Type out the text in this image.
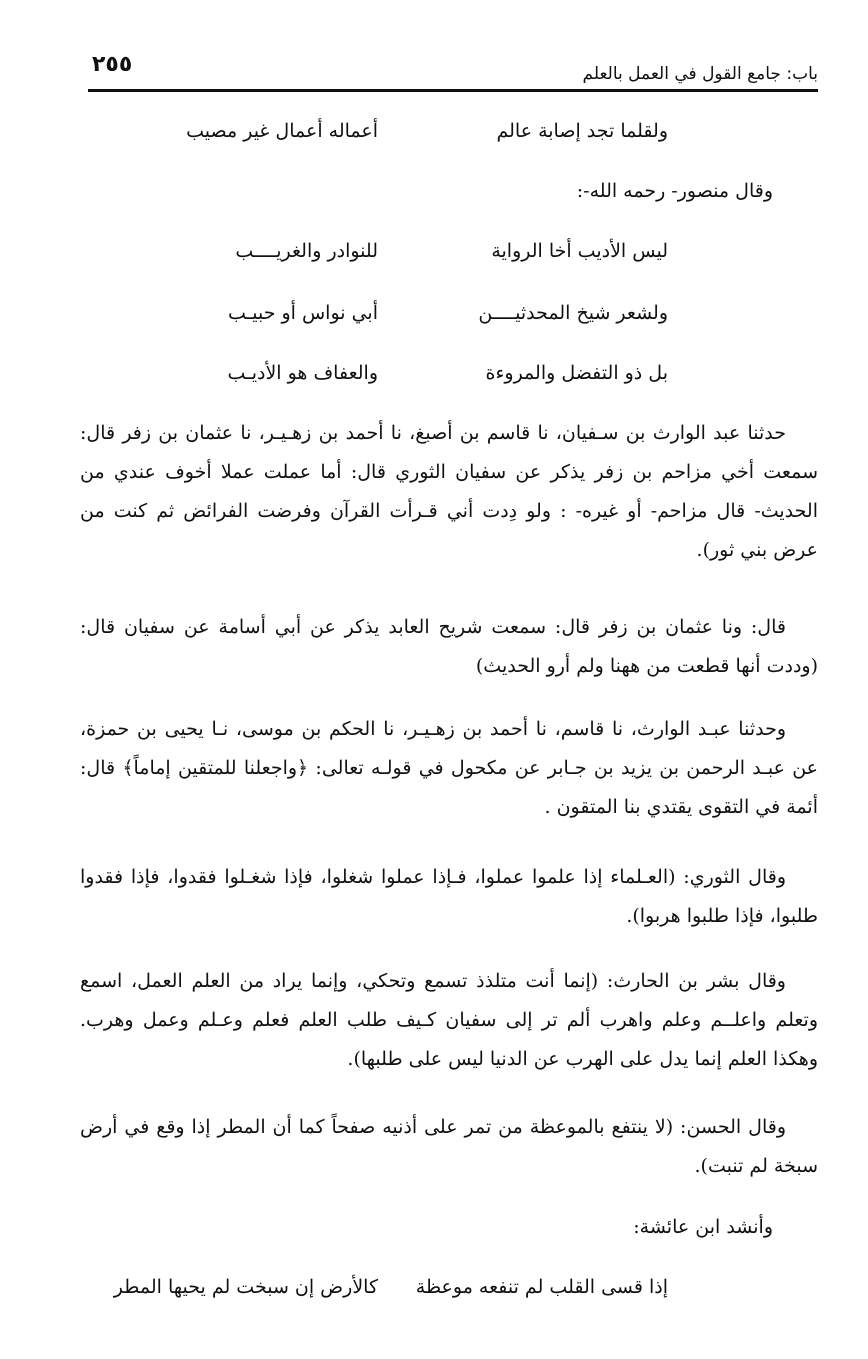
باب: جامع القول في العمل بالعلم
٢٥٥
ولقلما تجد إصابة عالم
أعماله أعمال غير مصيب
وقال منصور- رحمه الله-:
ليس الأديب أخا الرواية
للنوادر والغريــــب
ولشعر شيخ المحدثيــــن
أبي نواس أو حبيـب
بل ذو التفضل والمروءة
والعفاف هو الأديـب
حدثنا عبد الوارث بن سـفيان، نا قاسم بن أصبغ، نا أحمد بن زهـيـر، نا عثمان بن زفر قال: سمعت أخي مزاحم بن زفر يذكر عن سفيان الثوري قال: أما عملت عملا أخوف عندي من الحديث- قال مزاحم- أو غيره- : ولو دِدت أني قـرأت القرآن وفرضت الفرائض ثم كنت من عرض بني ثور).
قال: ونا عثمان بن زفر قال: سمعت شريح العابد يذكر عن أبي أسامة عن سفيان قال: (وددت أنها قطعت من ههنا ولم أرو الحديث)
وحدثنا عبـد الوارث، نا قاسم، نا أحمد بن زهـيـر، نا الحكم بن موسى، نـا يحيى بن حمزة، عن عبـد الرحمن بن يزيد بن جـابر عن مكحول في قولـه تعالى: ﴿واجعلنا للمتقين إماماً﴾ قال: أئمة في التقوى يقتدي بنا المتقون .
وقال الثوري: (العـلماء إذا علموا عملوا، فـإذا عملوا شغلوا، فإذا شغـلوا فقدوا، فإذا فقدوا طلبوا، فإذا طلبوا هربوا).
وقال بشر بن الحارث: (إنما أنت متلذذ تسمع وتحكي، وإنما يراد من العلم العمل، اسمع وتعلم واعلــم وعلم واهرب ألم تر إلى سفيان كـيف طلب العلم فعلم وعـلم وعمل وهرب. وهكذا العلم إنما يدل على الهرب عن الدنيا ليس على طلبها).
وقال الحسن: (لا ينتفع بالموعظة من تمر على أذنيه صفحاً كما أن المطر إذا وقع في أرض سبخة لم تنبت).
وأنشد ابن عائشة:
إذا قسى القلب لم تنفعه موعظة
كالأرض إن سبخت لم يحيها المطر
